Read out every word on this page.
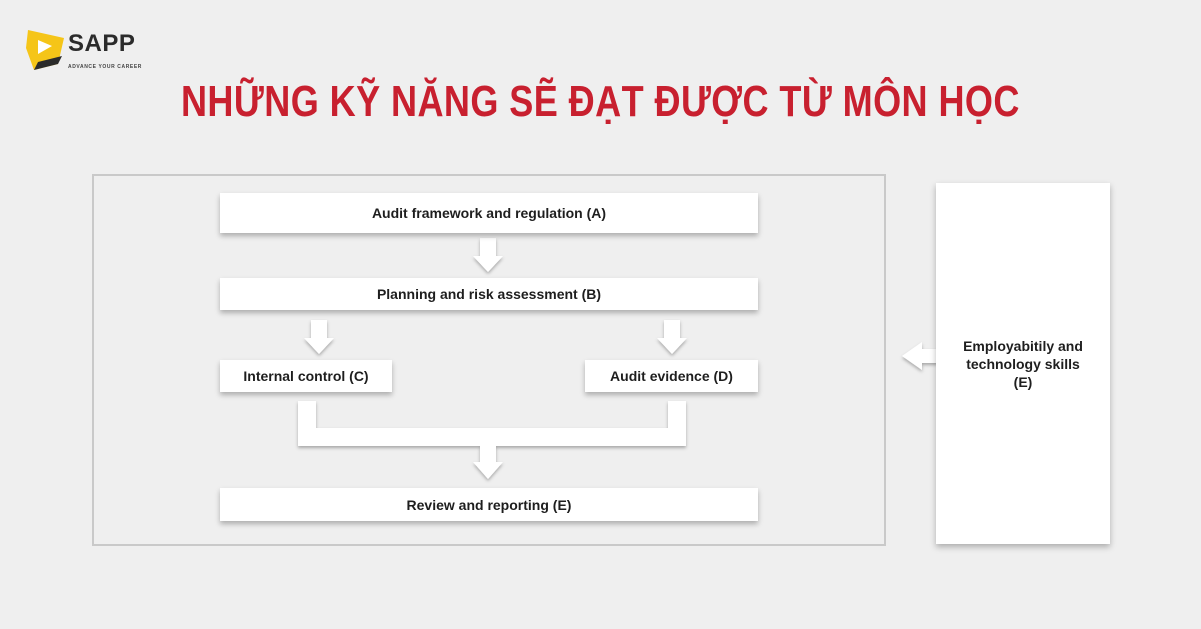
SAPP
ADVANCE YOUR CAREER
NHỮNG KỸ NĂNG SẼ ĐẠT ĐƯỢC TỪ MÔN HỌC
Audit framework and regulation (A)
Planning and risk assessment (B)
Internal control (C)	Audit evidence (D)
Review and reporting (E)
Employabitily and technology skills (E)
